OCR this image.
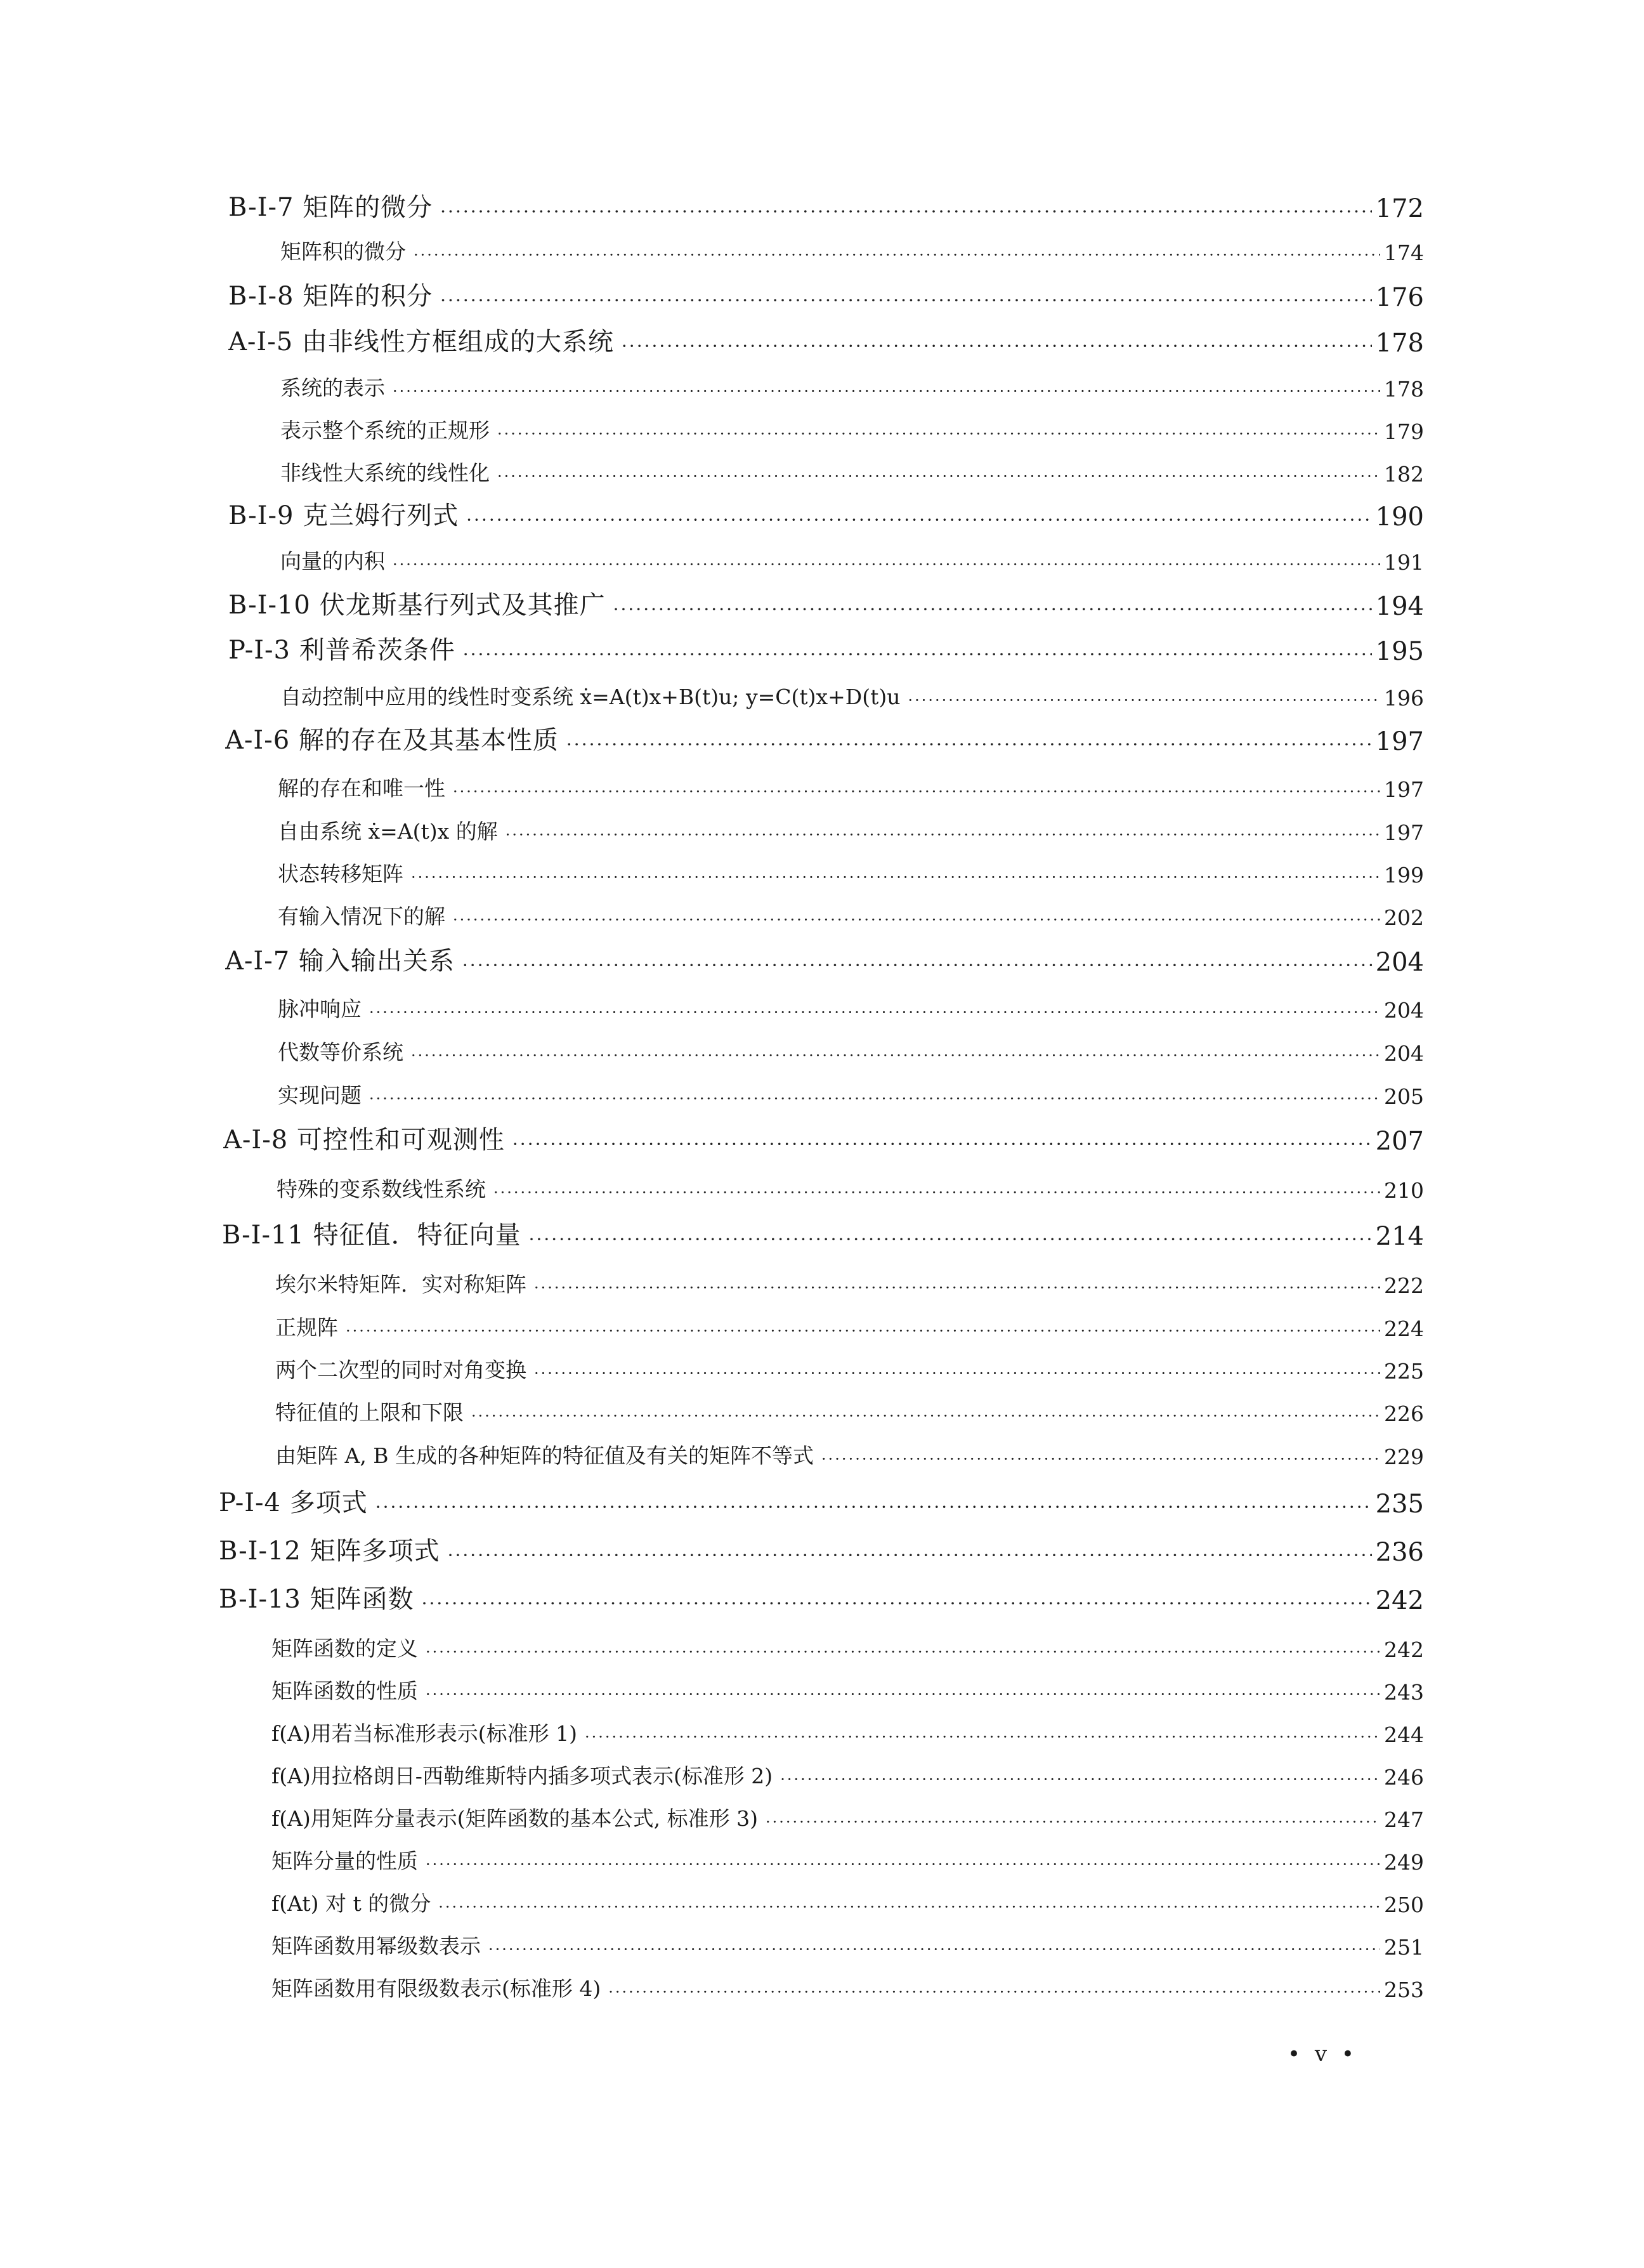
B-I-7 矩阵的微分 ·····	172
矩阵积的微分 ·····	174
B-I-8 矩阵的积分 ·····	176
A-I-5 由非线性方框组成的大系统 ·····	178
系统的表示 ·····	178
表示整个系统的正规形 ·····	179
非线性大系统的线性化 ·····	182
B-I-9 克兰姆行列式 ·····	190
向量的内积 ·····	191
B-I-10 伏龙斯基行列式及其推广 ·····	194
P-I-3 利普希茨条件 ·····	195
自动控制中应用的线性时变系统 ẋ=A(t)x+B(t)u; y=C(t)x+D(t)u ·····	196
A-I-6 解的存在及其基本性质 ·····	197
解的存在和唯一性 ·····	197
自由系统 ẋ=A(t)x 的解 ·····	197
状态转移矩阵 ·····	199
有输入情况下的解 ·····	202
A-I-7 输入输出关系 ·····	204
脉冲响应 ·····	204
代数等价系统 ·····	204
实现问题 ·····	205
A-I-8 可控性和可观测性 ·····	207
特殊的变系数线性系统 ·····	210
B-I-11 特征值．特征向量 ·····	214
埃尔米特矩阵．实对称矩阵 ·····	222
正规阵 ·····	224
两个二次型的同时对角变换 ·····	225
特征值的上限和下限 ·····	226
由矩阵 A, B 生成的各种矩阵的特征值及有关的矩阵不等式 ·····	229
P-I-4 多项式 ·····	235
B-I-12 矩阵多项式 ·····	236
B-I-13 矩阵函数 ·····	242
矩阵函数的定义 ·····	242
矩阵函数的性质 ·····	243
f(A)用若当标准形表示(标准形 1) ·····	244
f(A)用拉格朗日-西勒维斯特内插多项式表示(标准形 2) ·····	246
f(A)用矩阵分量表示(矩阵函数的基本公式, 标准形 3) ·····	247
矩阵分量的性质 ·····	249
f(At) 对 t 的微分 ·····	250
矩阵函数用幂级数表示 ·····	251
矩阵函数用有限级数表示(标准形 4) ·····	253
• v •
